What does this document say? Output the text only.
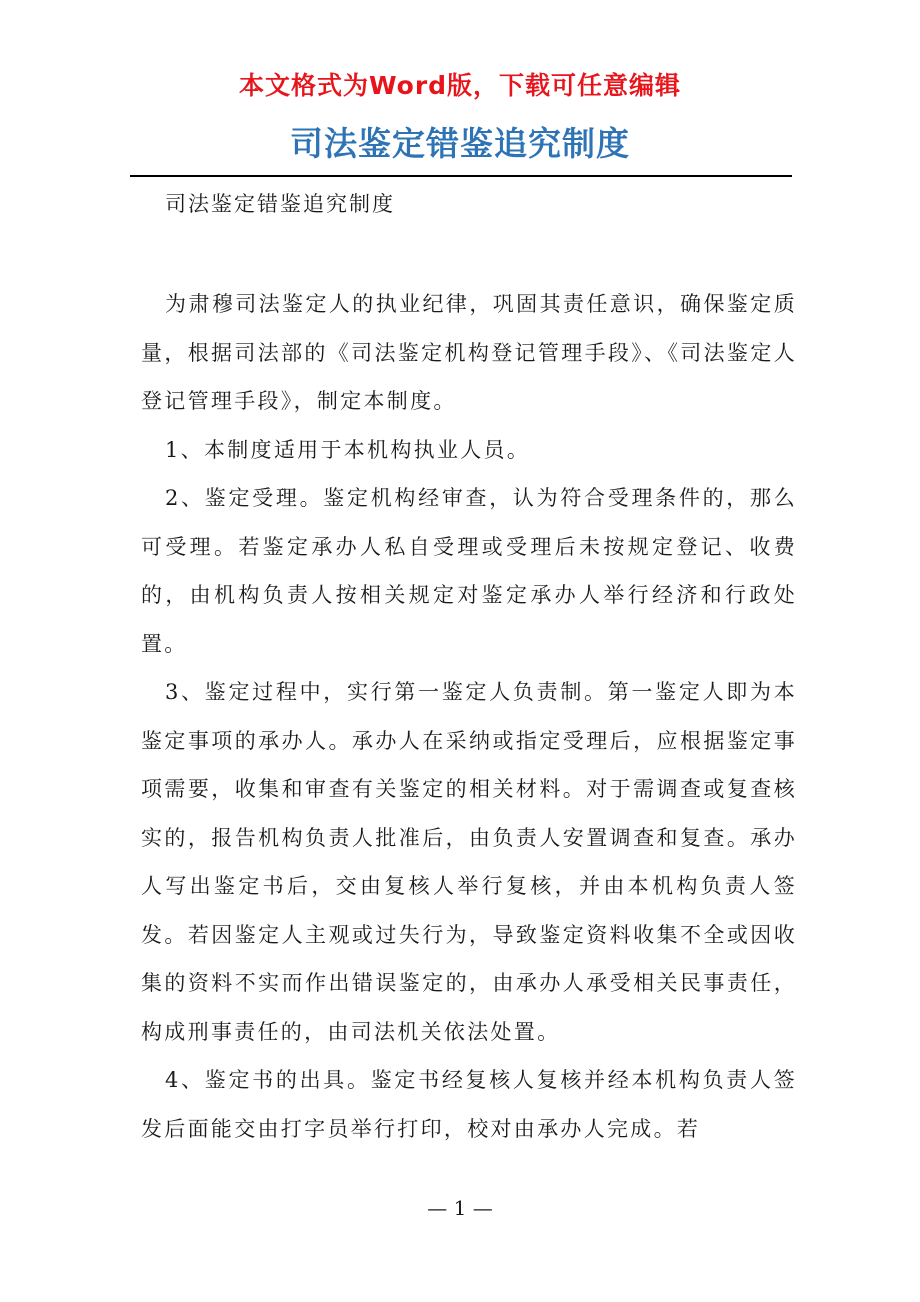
本文格式为Word版，下载可任意编辑
司法鉴定错鉴追究制度
司法鉴定错鉴追究制度

为肃穆司法鉴定人的执业纪律，巩固其责任意识，确保鉴定质量，根据司法部的《司法鉴定机构登记管理手段》、《司法鉴定人登记管理手段》，制定本制度。

1、本制度适用于本机构执业人员。

2、鉴定受理。鉴定机构经审查，认为符合受理条件的，那么可受理。若鉴定承办人私自受理或受理后未按规定登记、收费的，由机构负责人按相关规定对鉴定承办人举行经济和行政处置。

3、鉴定过程中，实行第一鉴定人负责制。第一鉴定人即为本鉴定事项的承办人。承办人在采纳或指定受理后，应根据鉴定事项需要，收集和审查有关鉴定的相关材料。对于需调查或复查核实的，报告机构负责人批准后，由负责人安置调查和复查。承办人写出鉴定书后，交由复核人举行复核，并由本机构负责人签发。若因鉴定人主观或过失行为，导致鉴定资料收集不全或因收集的资料不实而作出错误鉴定的，由承办人承受相关民事责任，构成刑事责任的，由司法机关依法处置。

4、鉴定书的出具。鉴定书经复核人复核并经本机构负责人签发后面能交由打字员举行打印，校对由承办人完成。若

— 1 —
